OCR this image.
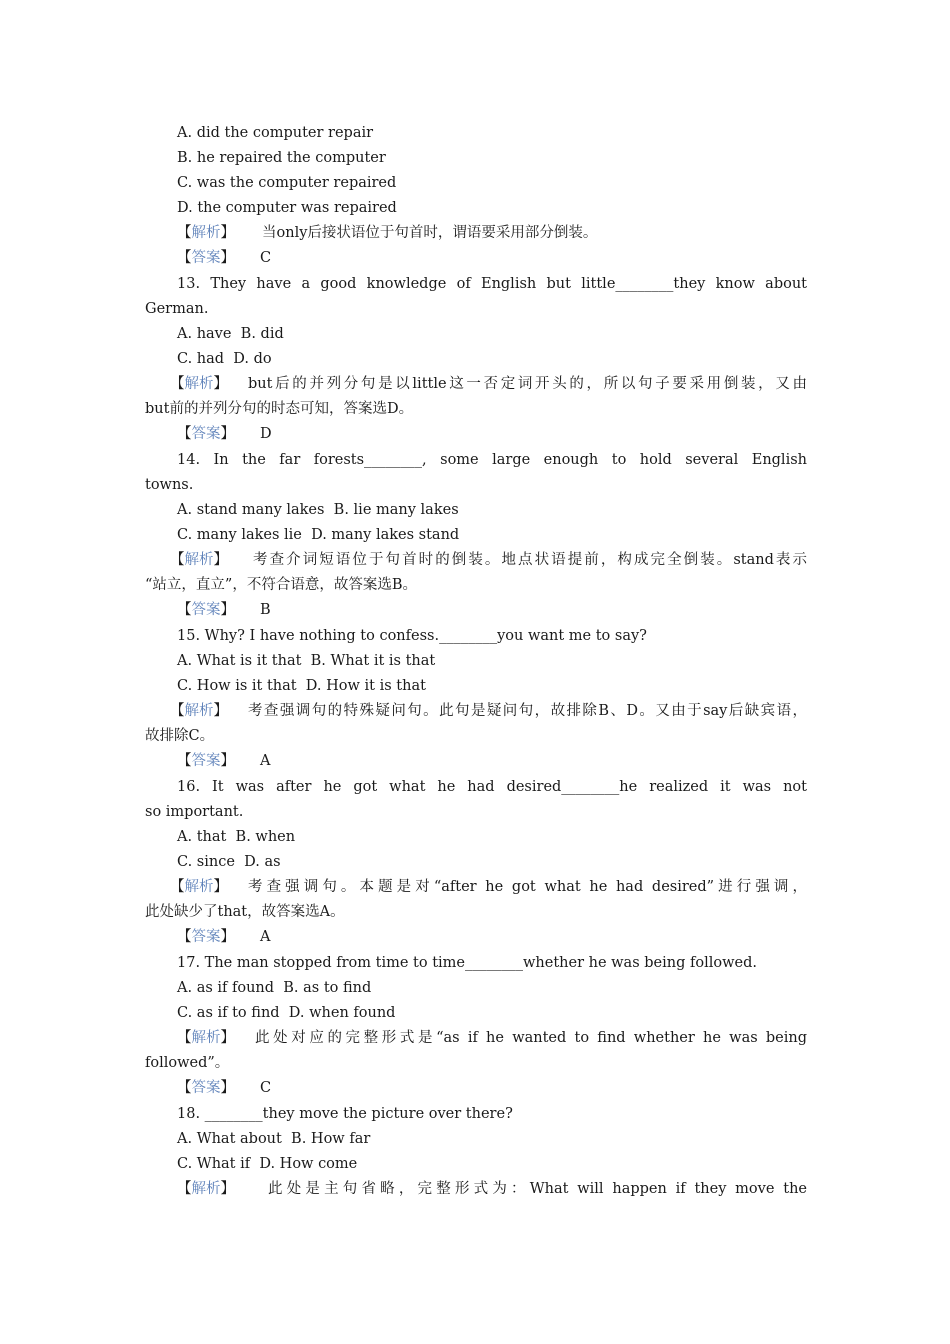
A. did the computer repair
B. he repaired the computer
C. was the computer repaired
D. the computer was repaired
【解析】 当only后接状语位于句首时，谓语要采用部分倒装。
【答案】 C
13. They have a good knowledge of English but little________they know about
German.
A. have  B. did
C. had  D. do
【解析】 but后的并列分句是以little这一否定词开头的，所以句子要采用倒装，又由
but前的并列分句的时态可知，答案选D。
【答案】 D
14. In the far forests________, some large enough to hold several English
towns.
A. stand many lakes  B. lie many lakes
C. many lakes lie  D. many lakes stand
【解析】 考查介词短语位于句首时的倒装。地点状语提前，构成完全倒装。stand表示
“站立，直立”，不符合语意，故答案选B。
【答案】 B
15. Why? I have nothing to confess.________you want me to say?
A. What is it that  B. What it is that
C. How is it that  D. How it is that
【解析】 考查强调句的特殊疑问句。此句是疑问句，故排除B、D。又由于say后缺宾语，
故排除C。
【答案】 A
16. It was after he got what he had desired________he realized it was not
so important.
A. that  B. when
C. since  D. as
【解析】 考查强调句。本题是对“after he got what he had desired”进行强调，
此处缺少了that，故答案选A。
【答案】 A
17. The man stopped from time to time________whether he was being followed.
A. as if found  B. as to find
C. as if to find  D. when found
【解析】 此处对应的完整形式是“as if he wanted to find whether he was being
followed”。
【答案】 C
18. ________they move the picture over there?
A. What about  B. How far
C. What if  D. How come
【解析】 此处是主句省略，完整形式为：What will happen if they move the
